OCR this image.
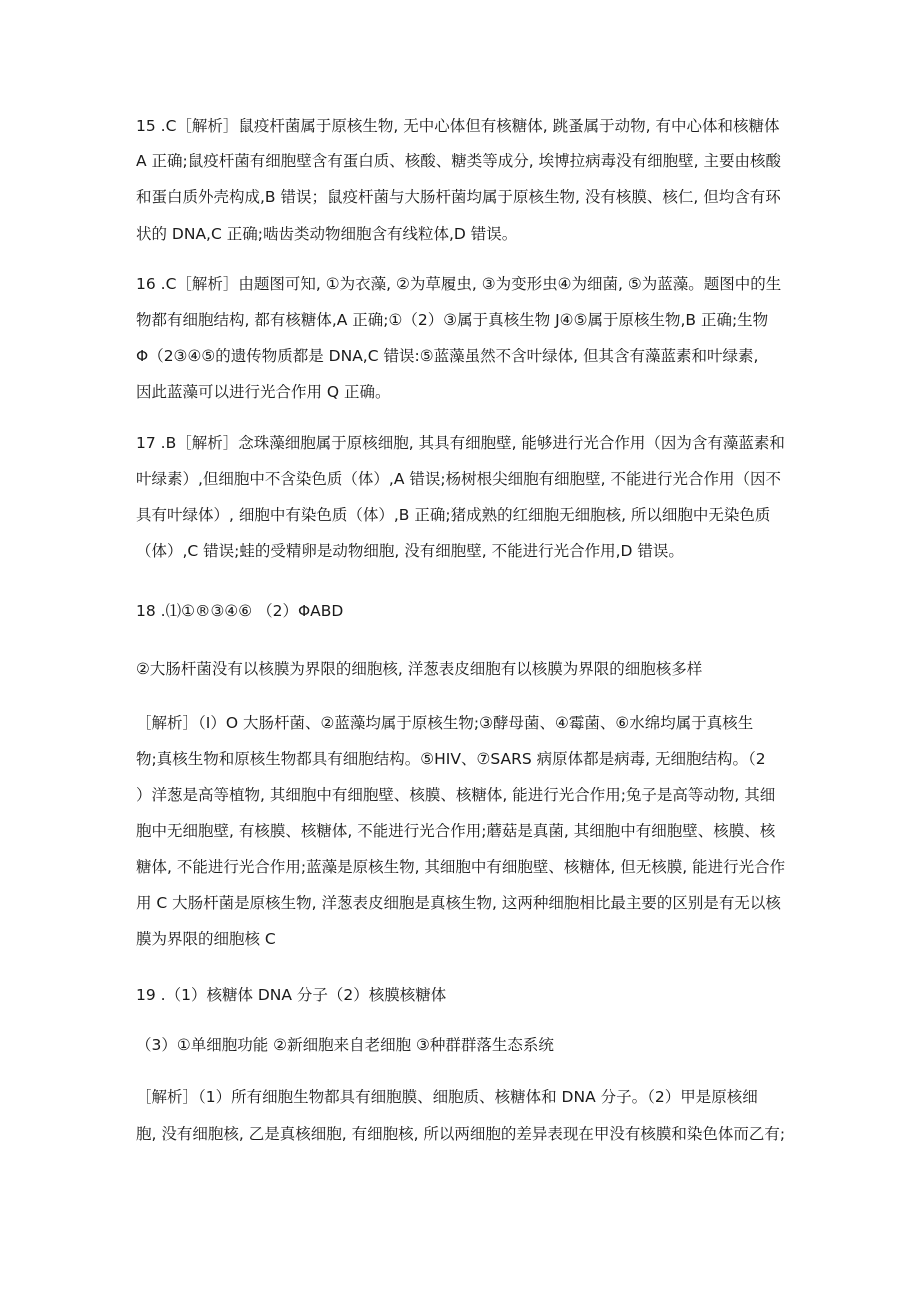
15 .C［解析］鼠疫杆菌属于原核生物, 无中心体但有核糖体, 跳蚤属于动物, 有中心体和核糖体
A 正确;鼠疫杆菌有细胞壁含有蛋白质、核酸、糖类等成分, 埃博拉病毒没有细胞壁, 主要由核酸
和蛋白质外壳构成,B 错误；鼠疫杆菌与大肠杆菌均属于原核生物, 没有核膜、核仁, 但均含有环
状的 DNA,C 正确;啮齿类动物细胞含有线粒体,D 错误。
16 .C［解析］由题图可知, ①为衣藻, ②为草履虫, ③为变形虫④为细菌, ⑤为蓝藻。题图中的生
物都有细胞结构, 都有核糖体,A 正确;①（2）③属于真核生物 J④⑤属于原核生物,B 正确;生物
Φ（2③④⑤的遗传物质都是 DNA,C 错误:⑤蓝藻虽然不含叶绿体, 但其含有藻蓝素和叶绿素,
因此蓝藻可以进行光合作用 Q 正确。
17 .B［解析］念珠藻细胞属于原核细胞, 其具有细胞壁, 能够进行光合作用（因为含有藻蓝素和
叶绿素）,但细胞中不含染色质（体）,A 错误;杨树根尖细胞有细胞壁, 不能进行光合作用（因不
具有叶绿体）, 细胞中有染色质（体）,B 正确;猪成熟的红细胞无细胞核, 所以细胞中无染色质
（体）,C 错误;蛙的受精卵是动物细胞, 没有细胞壁, 不能进行光合作用,D 错误。
18 .⑴①®③④⑥ （2）ΦABD
②大肠杆菌没有以核膜为界限的细胞核, 洋葱表皮细胞有以核膜为界限的细胞核多样
［解析］（I）O 大肠杆菌、②蓝藻均属于原核生物;③酵母菌、④霉菌、⑥水绵均属于真核生
物;真核生物和原核生物都具有细胞结构。⑤HIV、⑦SARS 病原体都是病毒, 无细胞结构。（2
）洋葱是高等植物, 其细胞中有细胞壁、核膜、核糖体, 能进行光合作用;兔子是高等动物, 其细
胞中无细胞壁, 有核膜、核糖体, 不能进行光合作用;蘑菇是真菌, 其细胞中有细胞壁、核膜、核
糖体, 不能进行光合作用;蓝藻是原核生物, 其细胞中有细胞壁、核糖体, 但无核膜, 能进行光合作
用 C 大肠杆菌是原核生物, 洋葱表皮细胞是真核生物, 这两种细胞相比最主要的区别是有无以核
膜为界限的细胞核 C
19 .（1）核糖体 DNA 分子（2）核膜核糖体
（3）①单细胞功能 ②新细胞来自老细胞 ③种群群落生态系统
［解析］（1）所有细胞生物都具有细胞膜、细胞质、核糖体和 DNA 分子。（2）甲是原核细
胞, 没有细胞核, 乙是真核细胞, 有细胞核, 所以两细胞的差异表现在甲没有核膜和染色体而乙有;
